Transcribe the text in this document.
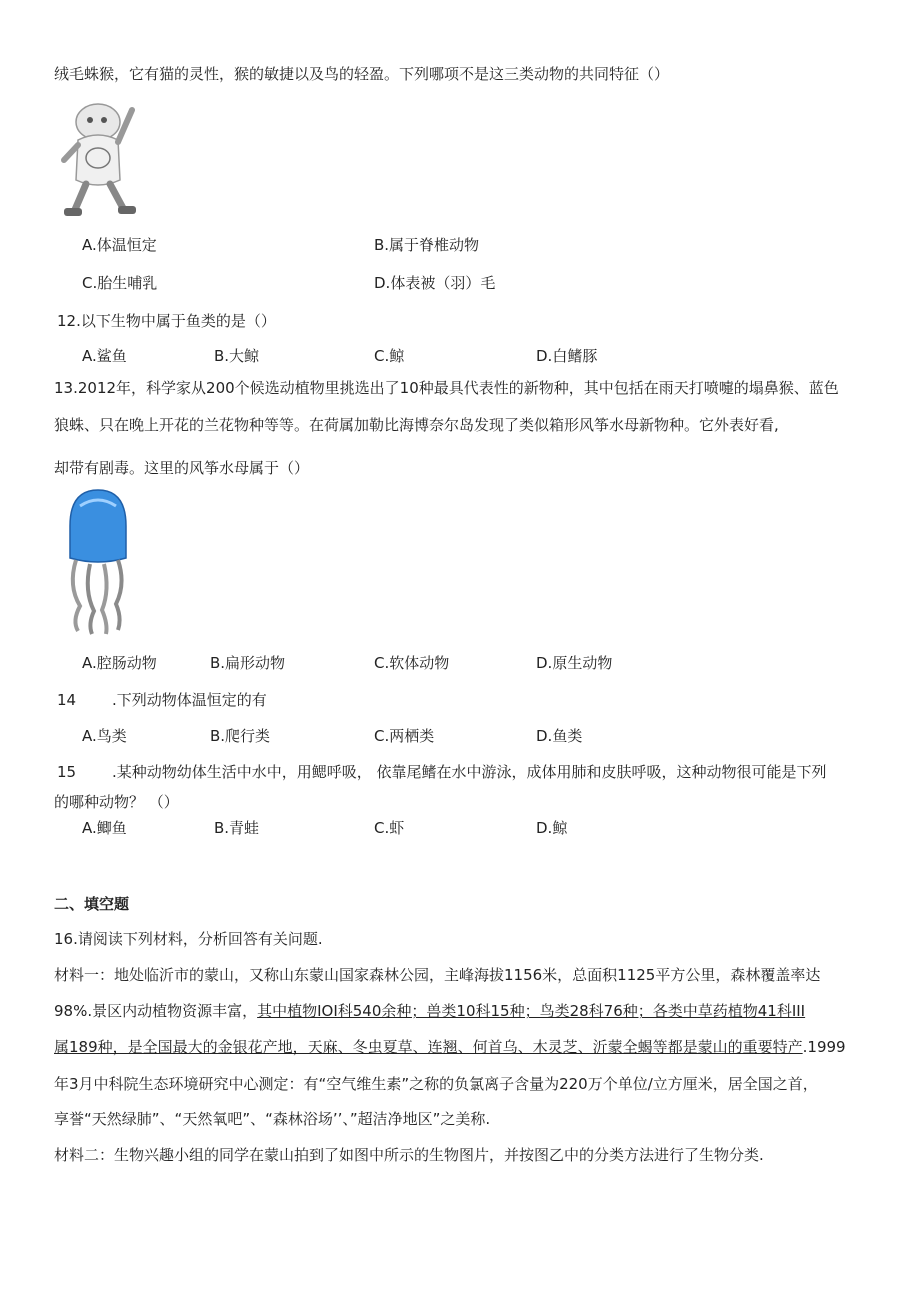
绒毛蛛猴，它有猫的灵性，猴的敏捷以及鸟的轻盈。下列哪项不是这三类动物的共同特征（）
A.体温恒定	B.属于脊椎动物
C.胎生哺乳	D.体表被（羽）毛
12.以下生物中属于鱼类的是（）
A.鲨鱼	B.大鲸	C.鲸	D.白鳍豚
13.2012年，科学家从200个候选动植物里挑选出了10种最具代表性的新物种，其中包括在雨天打喷嚏的塌鼻猴、蓝色
狼蛛、只在晚上开花的兰花物种等等。在荷属加勒比海博奈尔岛发现了类似箱形风筝水母新物种。它外表好看,
却带有剧毒。这里的风筝水母属于（）
A.腔肠动物	B.扁形动物	C.软体动物	D.原生动物
14 .下列动物体温恒定的有
A.鸟类	B.爬行类	C.两栖类	D.鱼类
15 .某种动物幼体生活中水中，用鳃呼吸， 依靠尾鳍在水中游泳，成体用肺和皮肤呼吸，这种动物很可能是下列
的哪种动物？ （）
A.鲫鱼	B.青蛙	C.虾	D.鲸
二、填空题
16.请阅读下列材料，分析回答有关问题.
材料一：地处临沂市的蒙山，又称山东蒙山国家森林公园，主峰海拔1156米，总面积1125平方公里，森林覆盖率达
98%.景区内动植物资源丰富，其中植物IOI科540余种；兽类10科15种；鸟类28科76种；各类中草药植物41科III
属189种，是全国最大的金银花产地，天麻、冬虫夏草、连翘、何首乌、木灵芝、沂蒙全蝎等都是蒙山的重要特产.1999
年3月中科院生态环境研究中心测定：有“空气维生素”之称的负氯离子含量为220万个单位/立方厘米，居全国之首，
享誉“天然绿肺”、“天然氧吧”、“森林浴场’’、”超洁净地区”之美称.
材料二：生物兴趣小组的同学在蒙山拍到了如图中所示的生物图片，并按图乙中的分类方法进行了生物分类.
